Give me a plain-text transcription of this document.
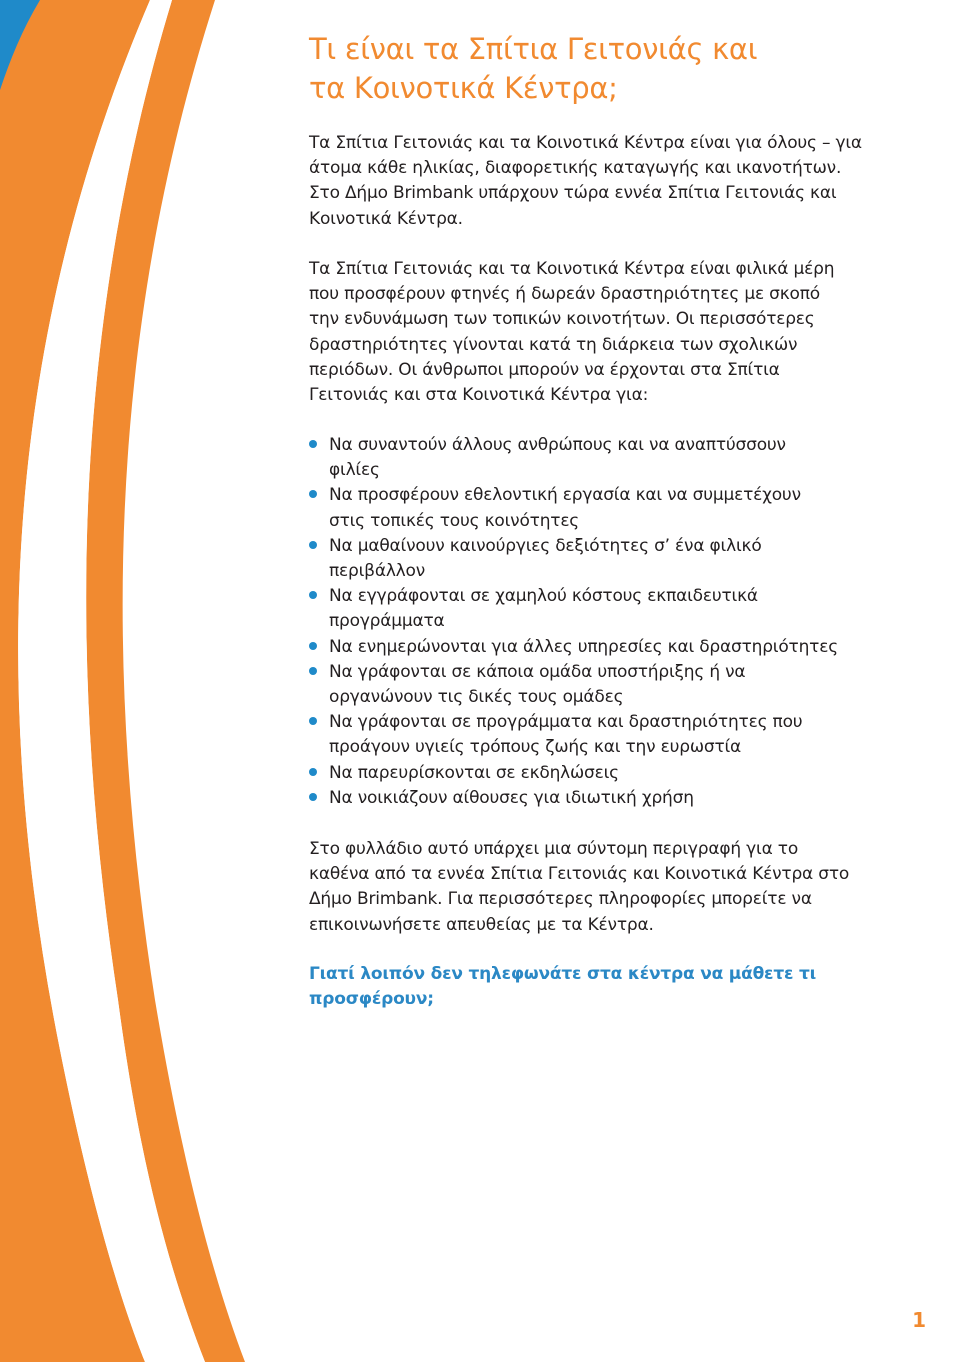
Τι είναι τα Σπίτια Γειτονιάς και
τα Κοινοτικά Κέντρα;

Τα Σπίτια Γειτονιάς και τα Κοινοτικά Κέντρα είναι για όλους – για
άτομα κάθε ηλικίας, διαφορετικής καταγωγής και ικανοτήτων.
Στο Δήμο Brimbank υπάρχουν τώρα εννέα Σπίτια Γειτονιάς και
Κοινοτικά Κέντρα.

Τα Σπίτια Γειτονιάς και τα Κοινοτικά Κέντρα είναι φιλικά μέρη
που προσφέρουν φτηνές ή δωρεάν δραστηριότητες με σκοπό
την ενδυνάμωση των τοπικών κοινοτήτων. Οι περισσότερες
δραστηριότητες γίνονται κατά τη διάρκεια των σχολικών
περιόδων. Οι άνθρωποι μπορούν να έρχονται στα Σπίτια
Γειτονιάς και στα Κοινοτικά Κέντρα για:

Να συναντούν άλλους ανθρώπους και να αναπτύσσουν
φιλίες
Να προσφέρουν εθελοντική εργασία και να συμμετέχουν
στις τοπικές τους κοινότητες
Να μαθαίνουν καινούργιες δεξιότητες σ’ ένα φιλικό
περιβάλλον
Να εγγράφονται σε χαμηλού κόστους εκπαιδευτικά
προγράμματα
Να ενημερώνονται για άλλες υπηρεσίες και δραστηριότητες
Να γράφονται σε κάποια ομάδα υποστήριξης ή να
οργανώνουν τις δικές τους ομάδες
Να γράφονται σε προγράμματα και δραστηριότητες που
προάγουν υγιείς τρόπους ζωής και την ευρωστία
Να παρευρίσκονται σε εκδηλώσεις
Να νοικιάζουν αίθουσες για ιδιωτική χρήση

Στο φυλλάδιο αυτό υπάρχει μια σύντομη περιγραφή για το
καθένα από τα εννέα Σπίτια Γειτονιάς και Κοινοτικά Κέντρα στο
Δήμο Brimbank. Για περισσότερες πληροφορίες μπορείτε να
επικοινωνήσετε απευθείας με τα Κέντρα.

Γιατί λοιπόν δεν τηλεφωνάτε στα κέντρα να μάθετε τι
προσφέρουν;

1
